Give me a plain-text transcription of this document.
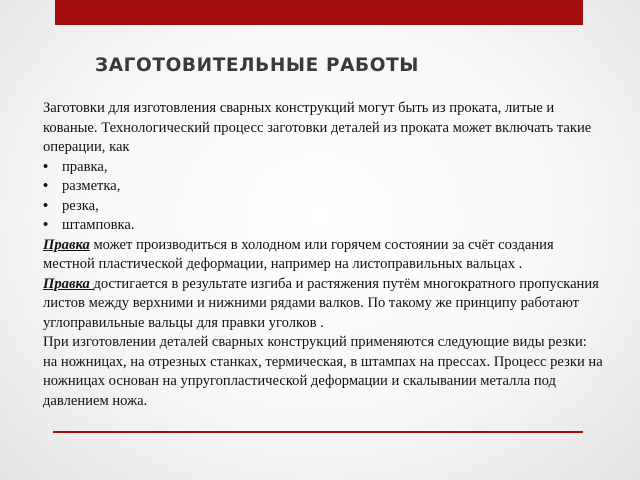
ЗАГОТОВИТЕЛЬНЫЕ РАБОТЫ

Заготовки для изготовления сварных конструкций могут быть из проката, литые и кованые. Технологический процесс заготовки деталей из проката может включать такие операции, как

• правка,
• разметка,
• резка,
• штамповка.

Правка может производиться в холодном или горячем состоянии за счёт создания местной пластической деформации, например на листоправильных вальцах .

Правка достигается в результате изгиба и растяжения путём многократного пропускания листов между верхними и нижними рядами валков. По такому же принципу работают углоправильные вальцы для правки уголков .

При изготовлении деталей сварных конструкций применяются следующие виды резки: на ножницах, на отрезных станках, термическая, в штампах на прессах. Процесс резки на ножницах основан на упругопластической деформации и скалывании металла под давлением ножа.
